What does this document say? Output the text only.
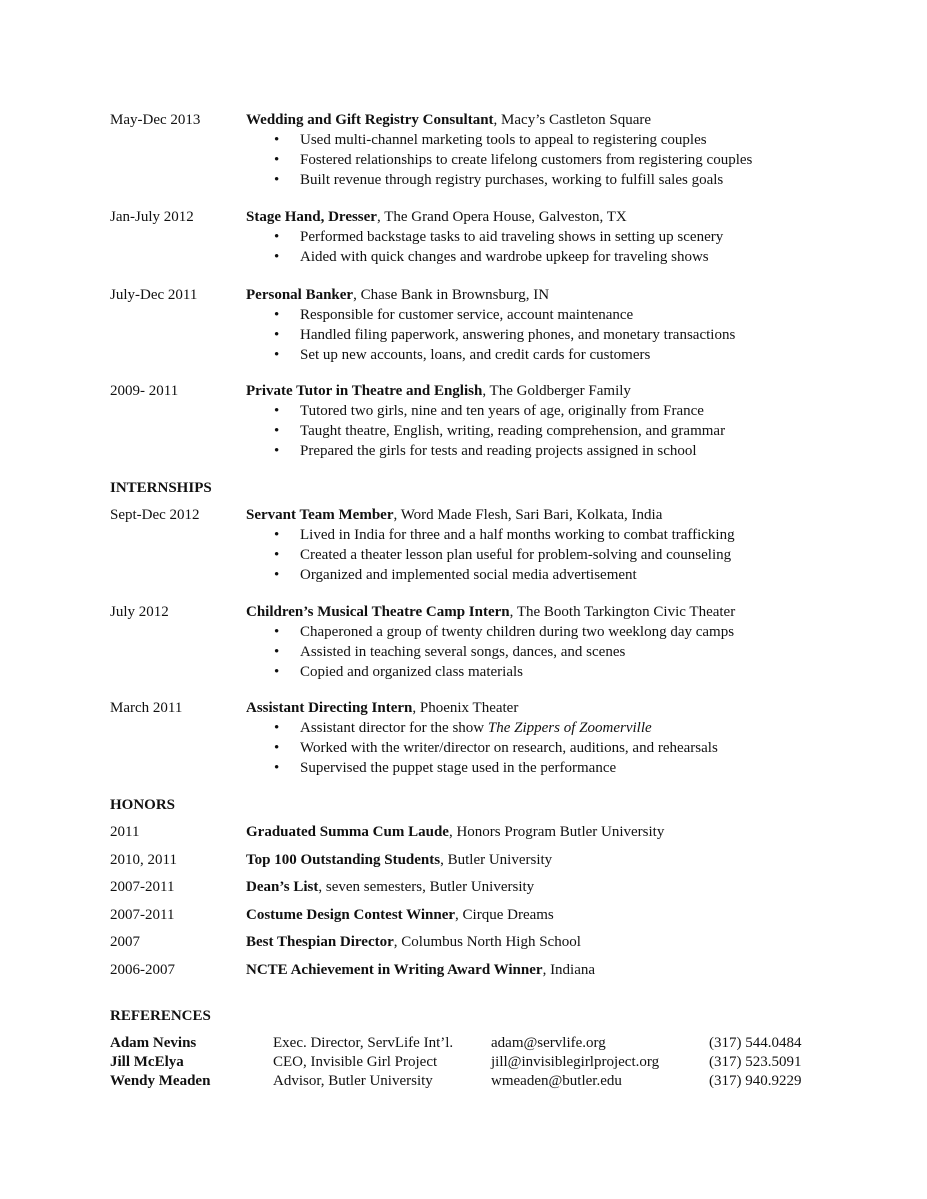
May-Dec 2013	Wedding and Gift Registry Consultant, Macy’s Castleton Square
• Used multi-channel marketing tools to appeal to registering couples
• Fostered relationships to create lifelong customers from registering couples
• Built revenue through registry purchases, working to fulfill sales goals
Jan-July 2012	Stage Hand, Dresser, The Grand Opera House, Galveston, TX
• Performed backstage tasks to aid traveling shows in setting up scenery
• Aided with quick changes and wardrobe upkeep for traveling shows
July-Dec 2011	Personal Banker, Chase Bank in Brownsburg, IN
• Responsible for customer service, account maintenance
• Handled filing paperwork, answering phones, and monetary transactions
• Set up new accounts, loans, and credit cards for customers
2009- 2011	Private Tutor in Theatre and English, The Goldberger Family
• Tutored two girls, nine and ten years of age, originally from France
• Taught theatre, English, writing, reading comprehension, and grammar
• Prepared the girls for tests and reading projects assigned in school
INTERNSHIPS
Sept-Dec 2012	Servant Team Member, Word Made Flesh, Sari Bari, Kolkata, India
• Lived in India for three and a half months working to combat trafficking
• Created a theater lesson plan useful for problem-solving and counseling
• Organized and implemented social media advertisement
July 2012	Children’s Musical Theatre Camp Intern, The Booth Tarkington Civic Theater
• Chaperoned a group of twenty children during two weeklong day camps
• Assisted in teaching several songs, dances, and scenes
• Copied and organized class materials
March 2011	Assistant Directing Intern, Phoenix Theater
• Assistant director for the show The Zippers of Zoomerville
• Worked with the writer/director on research, auditions, and rehearsals
• Supervised the puppet stage used in the performance
HONORS
2011	Graduated Summa Cum Laude, Honors Program Butler University
2010, 2011	Top 100 Outstanding Students, Butler University
2007-2011	Dean’s List, seven semesters, Butler University
2007-2011	Costume Design Contest Winner, Cirque Dreams
2007	Best Thespian Director, Columbus North High School
2006-2007	NCTE Achievement in Writing Award Winner, Indiana
REFERENCES
Adam Nevins	Exec. Director, ServLife Int’l.	adam@servlife.org	(317) 544.0484
Jill McElya	CEO, Invisible Girl Project	jill@invisiblegirlproject.org	(317) 523.5091
Wendy Meaden	Advisor, Butler University	wmeaden@butler.edu	(317) 940.9229
